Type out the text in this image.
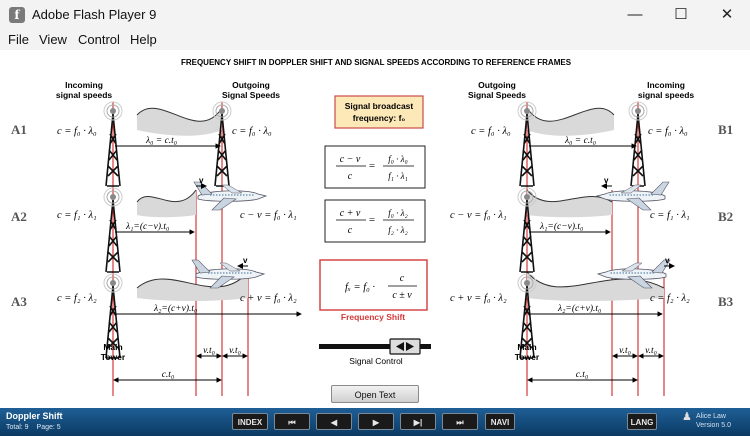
f Adobe Flash Player 9	—	☐	✕
File View Control Help
FREQUENCY SHIFT IN DOPPLER SHIFT AND SIGNAL SPEEDS ACCORDING TO REFERENCE FRAMES
Incoming
signal speeds
Outgoing
Signal Speeds
Outgoing
Signal Speeds
Incoming
signal speeds
A1
A2
A3
B1
B2
B3
v
v
v
v
λ₀ = c.t₀
λ₁=(c−v).t₀
λ₂=(c+v).t₀
λ₀ = c.t₀
λ₁=(c−v).t₀
λ₂=(c+v).t₀
c = f₀ · λ₀	c = f₀ · λ₀
c = f₁ · λ₁	c − v = f₀ · λ₁
c = f₂ · λ₂	c + v = f₀ · λ₂
c = f₀ · λ₀	c = f₀ · λ₀
c − v = f₀ · λ₁	c = f₁ · λ₁
c + v = f₀ · λ₂	c = f₂ · λ₂
Main
Tower
Main
Tower
v.t₀ v.t₀
c.t₀
v.t₀ v.t₀
c.t₀
Signal broadcast
frequency: f₀
c − v
c
=
f₀ · λ₀
f₁ · λ₁
c + v
c
=
f₀ · λ₂
f₂ · λ₂
fₓ = f₀ ·
c
c ± v
Frequency Shift
Signal Control
Open Text
Doppler Shift
Total: 9 Page: 5
INDEX	⏮	◀	▶	▶|	⏭	NAVI	LANG	♟ Alice Law
Version 5.0
